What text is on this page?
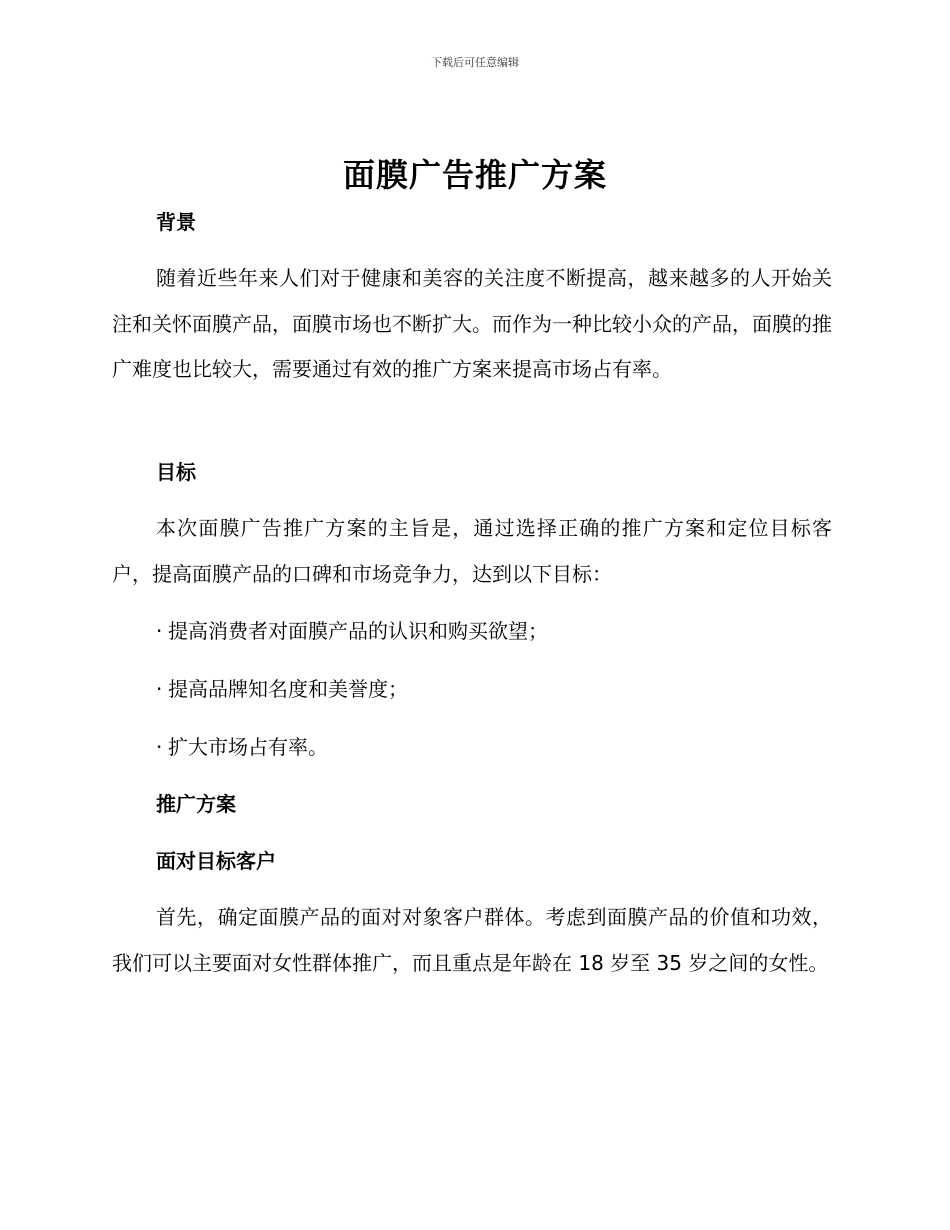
下载后可任意编辑
面膜广告推广方案
背景
随着近些年来人们对于健康和美容的关注度不断提高，越来越多的人开始关注和关怀面膜产品，面膜市场也不断扩大。而作为一种比较小众的产品，面膜的推广难度也比较大，需要通过有效的推广方案来提高市场占有率。
目标
本次面膜广告推广方案的主旨是，通过选择正确的推广方案和定位目标客户，提高面膜产品的口碑和市场竞争力，达到以下目标：
· 提高消费者对面膜产品的认识和购买欲望；
· 提高品牌知名度和美誉度；
· 扩大市场占有率。
推广方案
面对目标客户
首先，确定面膜产品的面对对象客户群体。考虑到面膜产品的价值和功效，我们可以主要面对女性群体推广，而且重点是年龄在 18 岁至 35 岁之间的女性。
